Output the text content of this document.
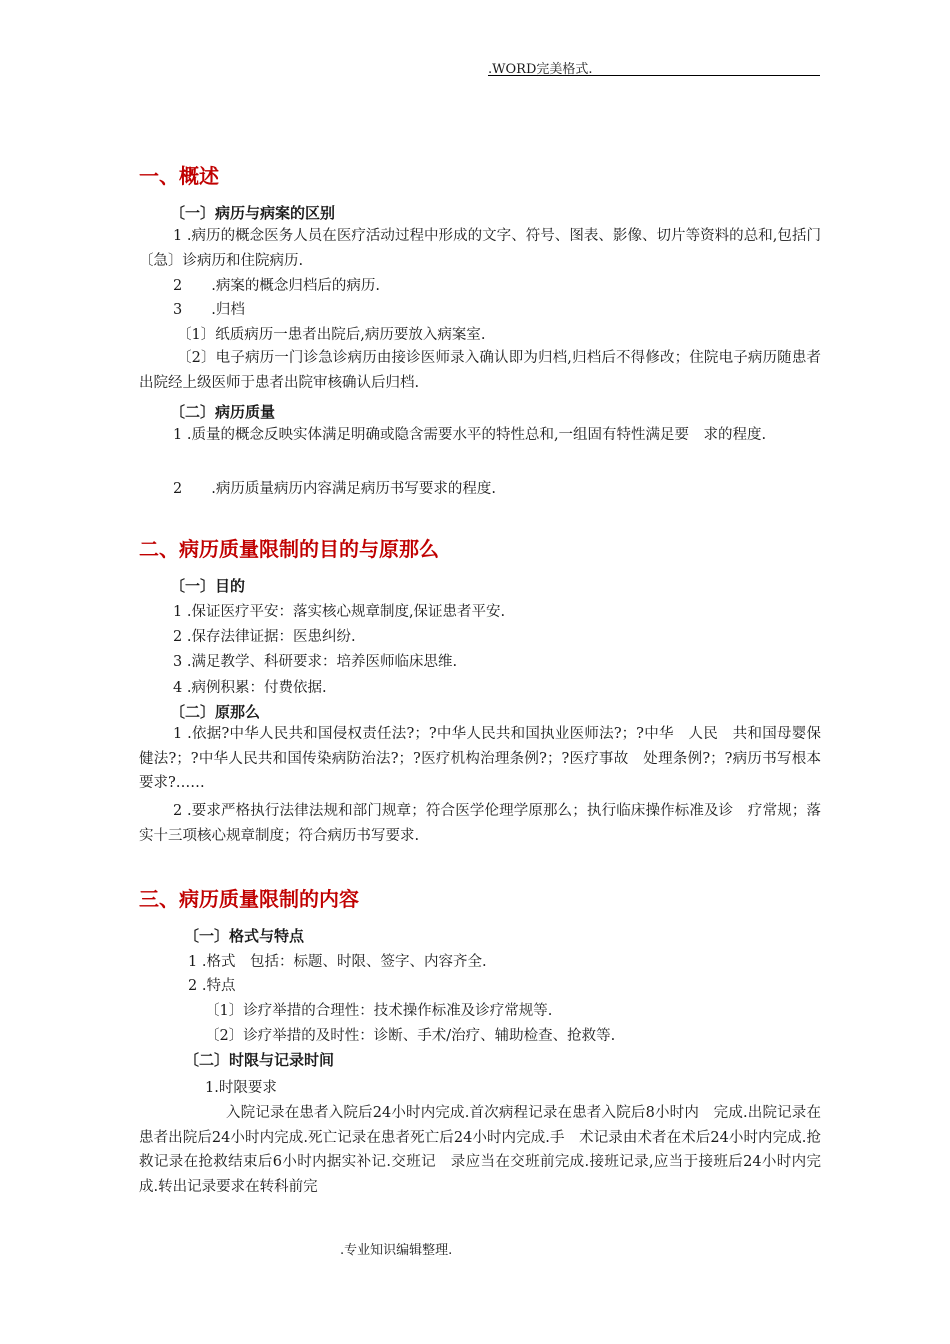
.WORD完美格式.
一、概述
〔一〕病历与病案的区别
1 .病历的概念医务人员在医疗活动过程中形成的文字、符号、图表、影像、切片等资料的总和,包括门〔急〕诊病历和住院病历.
2　　.病案的概念归档后的病历.
3　　.归档
〔1〕纸质病历一患者出院后,病历要放入病案室.
〔2〕电子病历一门诊急诊病历由接诊医师录入确认即为归档,归档后不得修改；住院电子病历随患者出院经上级医师于患者出院审核确认后归档.
〔二〕病历质量
1 .质量的概念反映实体满足明确或隐含需要水平的特性总和,一组固有特性满足要　求的程度.
2　　.病历质量病历内容满足病历书写要求的程度.
二、病历质量限制的目的与原那么
〔一〕目的
1 .保证医疗平安：落实核心规章制度,保证患者平安.
2 .保存法律证据：医患纠纷.
3 .满足教学、科研要求：培养医师临床思维.
4 .病例积累：付费依据.
〔二〕原那么
1 .依据?中华人民共和国侵权责任法?；?中华人民共和国执业医师法?；?中华　人民　共和国母婴保健法?；?中华人民共和国传染病防治法?；?医疗机构治理条例?；?医疗事故　处理条例?；?病历书写根本要求?……
2 .要求严格执行法律法规和部门规章；符合医学伦理学原那么；执行临床操作标准及诊　疗常规；落实十三项核心规章制度；符合病历书写要求.
三、病历质量限制的内容
〔一〕格式与特点
1 .格式　包括：标题、时限、签字、内容齐全.
2 .特点
〔1〕诊疗举措的合理性：技术操作标准及诊疗常规等.
〔2〕诊疗举措的及时性：诊断、手术/治疗、辅助检查、抢救等.
〔二〕时限与记录时间
1.时限要求
入院记录在患者入院后24小时内完成.首次病程记录在患者入院后8小时内　完成.出院记录在患者出院后24小时内完成.死亡记录在患者死亡后24小时内完成.手　术记录由术者在术后24小时内完成.抢救记录在抢救结束后6小时内据实补记.交班记　录应当在交班前完成.接班记录,应当于接班后24小时内完成.转出记录要求在转科前完
.专业知识编辑整理.
